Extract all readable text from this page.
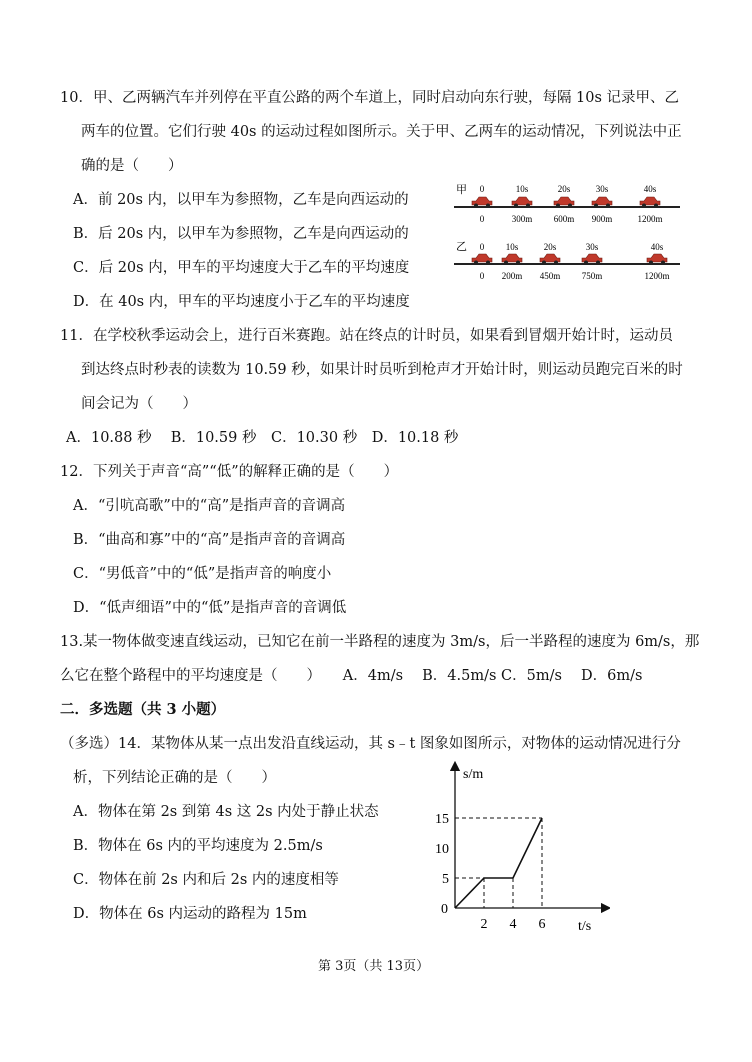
10．甲、乙两辆汽车并列停在平直公路的两个车道上，同时启动向东行驶，每隔 10s 记录甲、乙
两车的位置。它们行驶 40s 的运动过程如图所示。关于甲、乙两车的运动情况，下列说法中正
确的是（　　）
A．前 20s 内，以甲车为参照物，乙车是向西运动的
B．后 20s 内，以甲车为参照物，乙车是向西运动的
C．后 20s 内，甲车的平均速度大于乙车的平均速度
D．在 40s 内，甲车的平均速度小于乙车的平均速度
甲 0	10s	20s	30s	40s
0	300m 600m 900m	1200m
乙 0 10s	20s	30s	40s
0 200m 450m 750m	1200m
11．在学校秋季运动会上，进行百米赛跑。站在终点的计时员，如果看到冒烟开始计时，运动员
到达终点时秒表的读数为 10.59 秒，如果计时员听到枪声才开始计时，则运动员跑完百米的时
间会记为（　　）
A．10.88 秒　 B．10.59 秒　C．10.30 秒　D．10.18 秒
12．下列关于声音“高”“低”的解释正确的是（　　）
A．“引吭高歌”中的“高”是指声音的音调高
B．“曲高和寡”中的“高”是指声音的音调高
C．“男低音”中的“低”是指声音的响度小
D．“低声细语”中的“低”是指声音的音调低
13.某一物体做变速直线运动，已知它在前一半路程的速度为 3m/s，后一半路程的速度为 6m/s，那
么它在整个路程中的平均速度是（　　）　　A．4m/s　 B．4.5m/s C．5m/s　 D．6m/s
二．多选题（共 3 小题）
（多选）14．某物体从某一点出发沿直线运动，其 s﹣t 图象如图所示，对物体的运动情况进行分
析，下列结论正确的是（　　）
A．物体在第 2s 到第 4s 这 2s 内处于静止状态
B．物体在 6s 内的平均速度为 2.5m/s
C．物体在前 2s 内和后 2s 内的速度相等
D．物体在 6s 内运动的路程为 15m
s/m
t/s
0
5
10
15
2 4 6
第 3页（共 13页）
